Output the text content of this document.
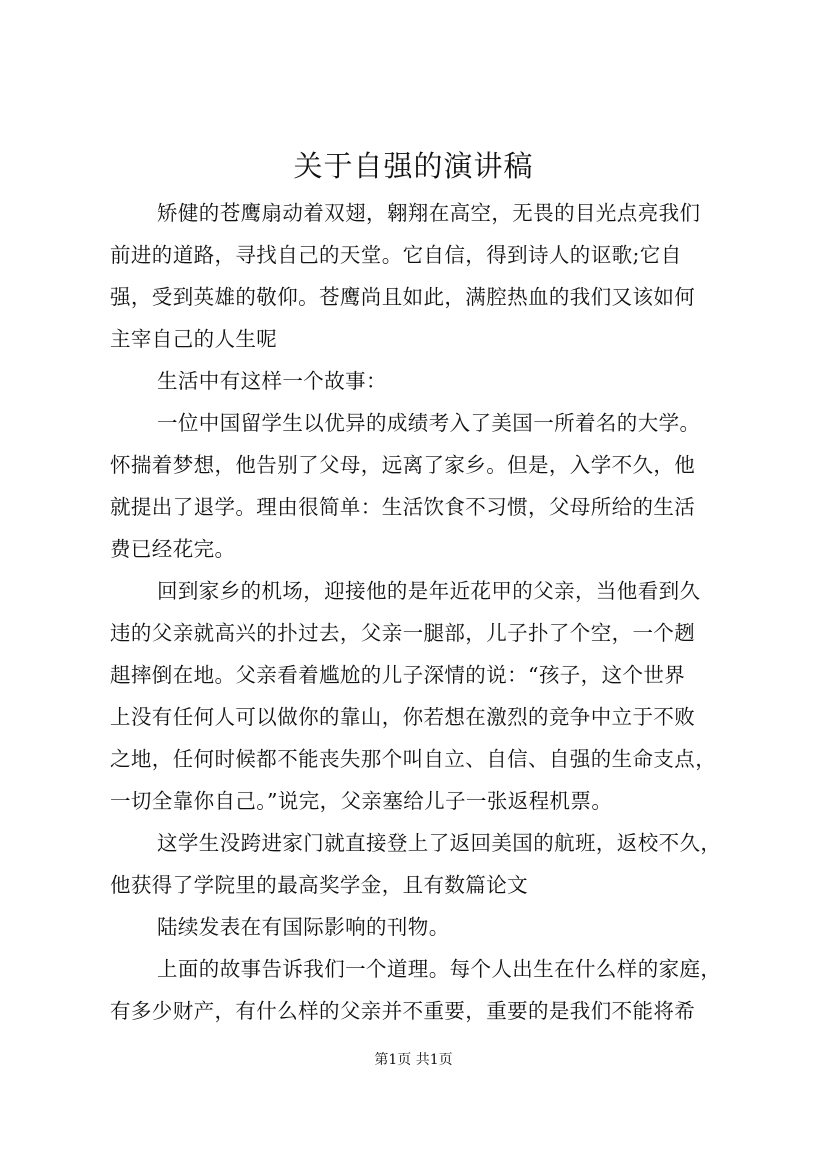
关于自强的演讲稿
矫健的苍鹰扇动着双翅，翱翔在高空，无畏的目光点亮我们
前进的道路，寻找自己的天堂。它自信，得到诗人的讴歌;它自
强，受到英雄的敬仰。苍鹰尚且如此，满腔热血的我们又该如何
主宰自己的人生呢
生活中有这样一个故事：
一位中国留学生以优异的成绩考入了美国一所着名的大学。
怀揣着梦想，他告别了父母，远离了家乡。但是，入学不久，他
就提出了退学。理由很简单：生活饮食不习惯，父母所给的生活
费已经花完。
回到家乡的机场，迎接他的是年近花甲的父亲，当他看到久
违的父亲就高兴的扑过去，父亲一腿部，儿子扑了个空，一个趔
趄摔倒在地。父亲看着尴尬的儿子深情的说：“孩子，这个世界
上没有任何人可以做你的靠山，你若想在激烈的竞争中立于不败
之地，任何时候都不能丧失那个叫自立、自信、自强的生命支点，
一切全靠你自己。”说完，父亲塞给儿子一张返程机票。
这学生没跨进家门就直接登上了返回美国的航班，返校不久，
他获得了学院里的最高奖学金，且有数篇论文
陆续发表在有国际影响的刊物。
上面的故事告诉我们一个道理。每个人出生在什么样的家庭，
有多少财产，有什么样的父亲并不重要，重要的是我们不能将希
第1页 共1页
